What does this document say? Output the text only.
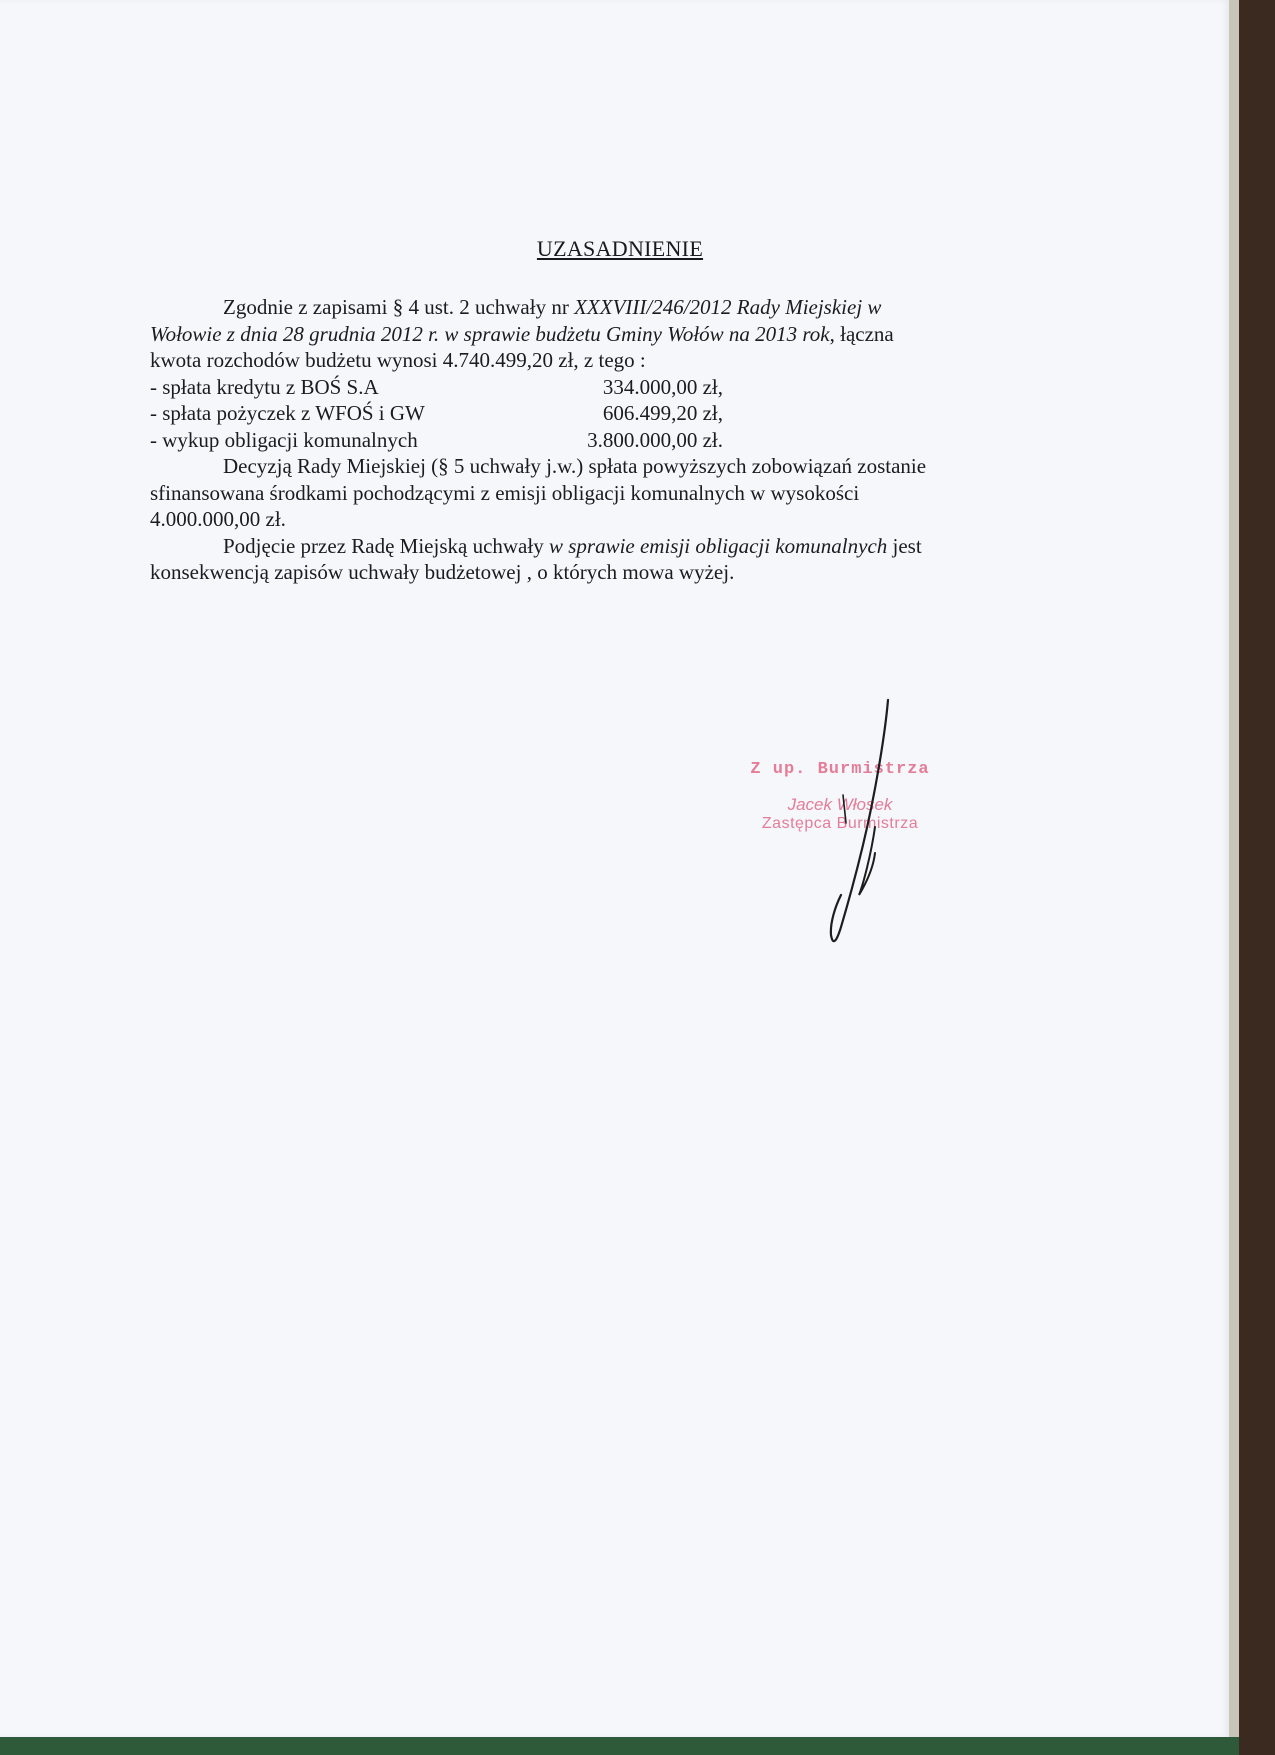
UZASADNIENIE
Zgodnie z zapisami § 4 ust. 2 uchwały nr XXXVIII/246/2012 Rady Miejskiej w
Wołowie z dnia 28 grudnia 2012 r. w sprawie budżetu Gminy Wołów na 2013 rok, łączna
kwota rozchodów budżetu wynosi 4.740.499,20 zł, z tego :
- spłata kredytu z BOŚ S.A	334.000,00 zł,
- spłata pożyczek z WFOŚ i GW	606.499,20 zł,
- wykup obligacji komunalnych	3.800.000,00 zł.
Decyzją Rady Miejskiej (§ 5 uchwały j.w.) spłata powyższych zobowiązań zostanie
sfinansowana środkami pochodzącymi z emisji obligacji komunalnych w wysokości
4.000.000,00 zł.
Podjęcie przez Radę Miejską uchwały w sprawie emisji obligacji komunalnych jest
konsekwencją zapisów uchwały budżetowej , o których mowa wyżej.
Z up. Burmistrza
Jacek Włosek
Zastępca Burmistrza
